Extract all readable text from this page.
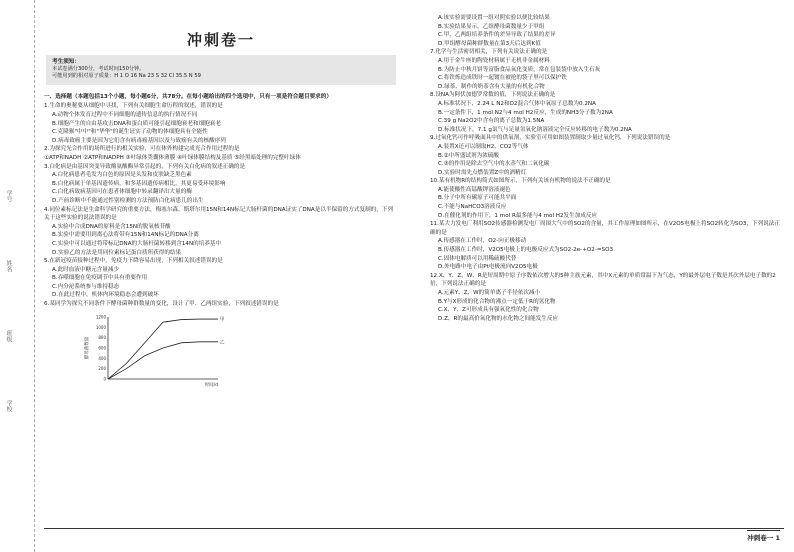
学号
姓名
班级
学校
冲刺卷一
考生须知：
本试卷满分300分，考试时间150分钟。
可能用到的相对原子质量：H 1 O 16 Na 23 S 32 Cl 35.5 N 59
一、选择题（本题包括13个小题，每小题6分，共78分。在每小题给出的四个选项中，只有一项是符合题目要求的）
1.生命的奥秘要从细胞中寻找，下列有关细胞生命历程的叙述，错误的是
A.动物个体发育过程中不同细胞的遗传信息的执行情况不同
B.细胞产生的自由基攻击DNA和蛋白质可能引起细胞衰老和细胞衰老
C.克隆猴"中中"和"华华"的诞生证实了动物的体细胞具有全能性
D.病毒致癌主要是因为它们含有病毒癌基因以及与致癌有关的核酸序列
2.为探究光合作用的场所进行的相关实验，可在体外构建完成光合作用过程的是
①ATP和NADH ②ATP和NADPH ③叶绿体类囊体薄膜 ④叶绿体膜结构及基质 ⑤经黑暗处理的完整叶绿体
3.白化病是由基因突变导致酪氨酸酶异常引起的，下列有关白化病的叙述正确的是
A.白化病患者毛发为白色的原因是头发和皮肤缺乏黑色素
B.白化病属于单基因遗传病，和多基因遗传病相比，其更易受环境影响
C.白化病致病基因可在患者体细胞中转录翻译出大量的酶
D.产前诊断中不能通过性别检测的方法预防白化病患儿的出生
4.同位素标记法是生命科学研究的重要方法，梅塞尔森、斯塔尔用15N和14N标记大肠杆菌的DNA证实了DNA是以半保留的方式复制的，下列关于这些实验的说法错误的是
A.实验中合成DNA的原料是含15N的脱氧核苷酸
B.实验中需要用到离心法将带有15N和14N标记的DNA分离
C.实验中可以通过将带标记DNA的大肠杆菌转移到含14N的培养基中
D.实验乙的方法是用同位素标记蛋白质所获得的结果
5.在新冠疫苗接种过程中，免疫力下降容易出现，下列相关叙述错误的是
A.此时血液中糖元含量减少
B.吞噬细胞在免疫调节中具有重要作用
C.内分泌系统参与维持稳态
D.在此过程中，机体内环境稳态会遭到破坏
6.某同学为探究不同条件下酵母菌种群数量的变化，设计了甲、乙两组实验，下列叙述错误的是
0
200
400
600
800
1000
1200
甲
乙
时间/d
酵母菌数量
A.该实验需要设置一组对照实验以便比较结果
B.实验结果显示，乙组酵母菌数量少于甲组
C.甲、乙两组培养条件的差异导致了结果的差异
D.甲组酵母菌种群数量在第3天后达到K值
7.化学与生活密切相关，下列有关说法正确的是
A.用于金牛座的陶瓷材料属于无机非金属材料
B.为防止中秋月饼等富脂食品氧化变质，常在包装袋中放入生石灰
C.将铁炼造成铁时一起镀在被抢的袋子里可以保护铁
D.绿茶、制作的奶茶含有大量的有机化合物
8.设NA为阿伏加德罗常数的值，下列说法正确的是
A.标准状况下，2.24 L N2和O2混合气体中氧原子总数为0.2NA
B.一定条件下，1 mol N2与4 mol H2反应，生成的NH3分子数为2NA
C.39 g Na2O2中含有的离子总数为1.5NA
D.标准状况下，7.1 g氯气与足量氢氧化钠溶液完全反应转移的电子数为0.2NA
9.过氧化钙可作呼吸面具中的供氧剂，实验室可用如图装置制取少量过氧化钙，下列说法错误的是
A.装置X还可以制取H2、CO2等气体
B.②中所盛试剂为浓硫酸
C.③的作用是除去空气中的水蒸气和二氧化碳
D.实验时需先点燃装置Z中的酒精灯
10.某有机物R的结构简式如图所示，下列有关该有机物的说法不正确的是
A.能使酸性高锰酸钾溶液褪色
B.分子中所有碳原子可能共平面
C.不能与NaHCO3溶液反应
D.在催化剂的作用下，1 mol R最多能与4 mol H2发生加成反应
11.某大力发电厂利用SO2传感器检测发电厂周围大气中的SO2的含量，其工作原理如图所示，在V2O5电极上将SO2转化为SO3，下列说法正确的是
A.传感器在工作时，O2-向正极移动
B.传感器在工作时，V2O5电极上的电极反应式为SO2-2e-+O2-=SO3
C.固体电解质可以用稀硫酸代替
D.外电路中电子由Pt电极流向V2O5电极
12.X、Y、Z、W、R是短周期中原子序数依次增大的5种主族元素，其中X元素的单质常温下为气态，Y的最外层电子数是其次外层电子数的2倍，下列说法正确的是
A.元素Y、Z、W的简单离子半径依次减小
B.Y与X形成的化合物的沸点一定低于R的氢化物
C.X、Y、Z可形成具有强氧化性的化合物
D.Z、R的最高价氧化物的水化物之间能发生反应
冲刺卷一 1
